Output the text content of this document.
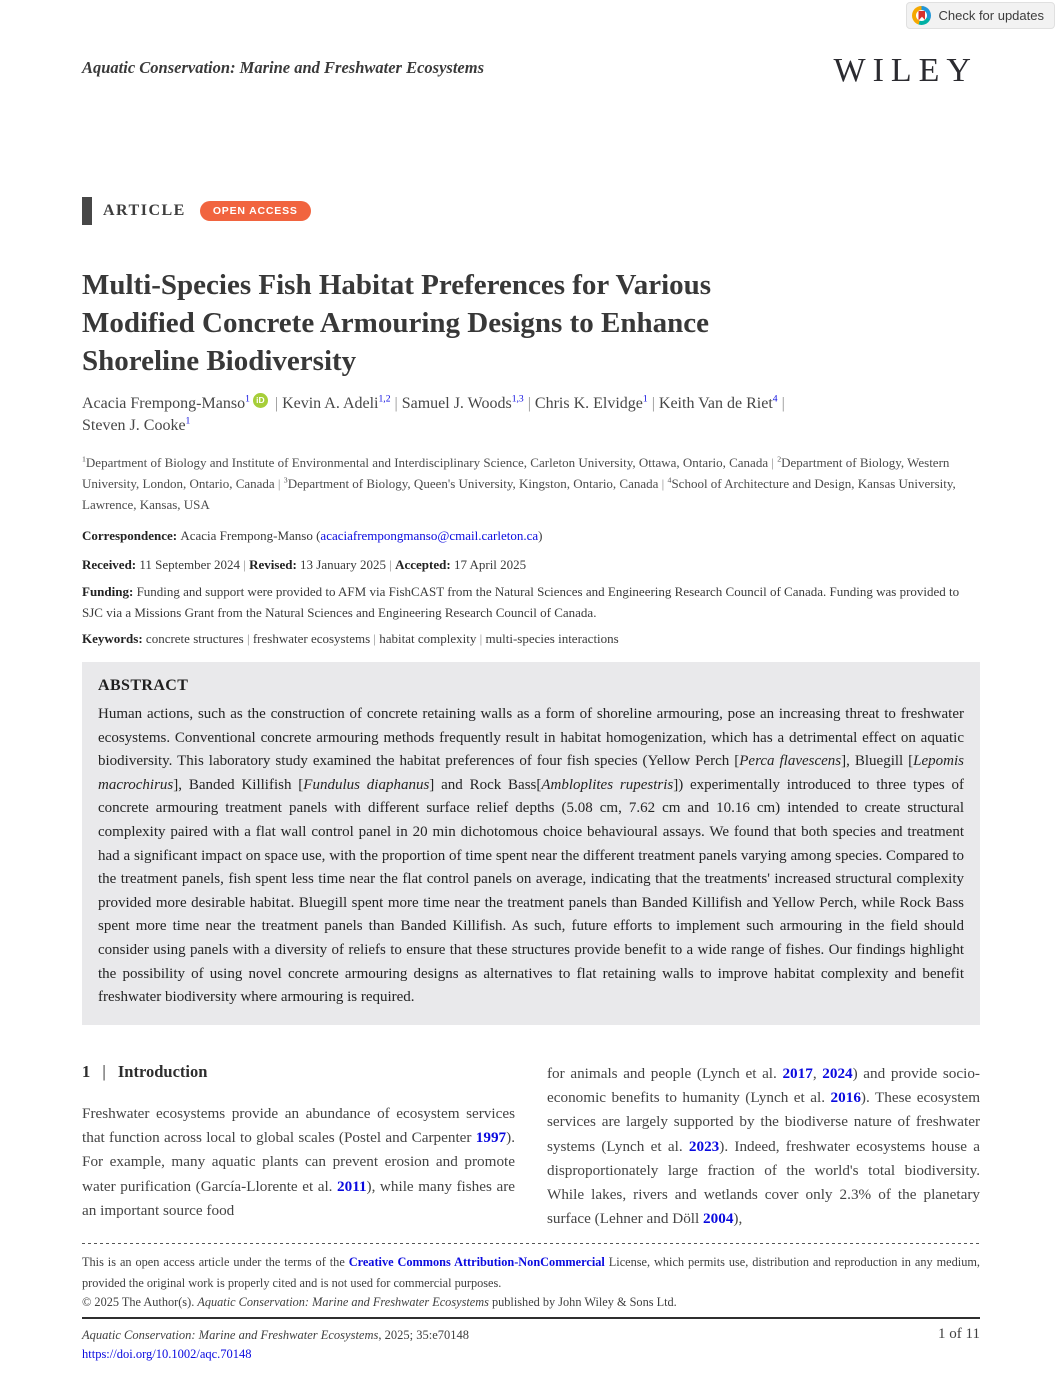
Check for updates
Aquatic Conservation: Marine and Freshwater Ecosystems	WILEY
ARTICLE	OPEN ACCESS
Multi-Species Fish Habitat Preferences for Various
Modified Concrete Armouring Designs to Enhance
Shoreline Biodiversity
Acacia Frempong-Manso$^1$ iD | Kevin A. Adeli$^{1,2}$ | Samuel J. Woods$^{1,3}$ | Chris K. Elvidge$^1$ | Keith Van de Riet$^4$ |
Steven J. Cooke$^1$
$^1$Department of Biology and Institute of Environmental and Interdisciplinary Science, Carleton University, Ottawa, Ontario, Canada | $^2$Department of Biology, Western University, London, Ontario, Canada | $^3$Department of Biology, Queen's University, Kingston, Ontario, Canada | $^4$School of Architecture and Design, Kansas University, Lawrence, Kansas, USA
Correspondence: Acacia Frempong-Manso (acaciafrempongmanso@cmail.carleton.ca)
Received: 11 September 2024 | Revised: 13 January 2025 | Accepted: 17 April 2025
Funding: Funding and support were provided to AFM via FishCAST from the Natural Sciences and Engineering Research Council of Canada. Funding was provided to SJC via a Missions Grant from the Natural Sciences and Engineering Research Council of Canada.
Keywords: concrete structures | freshwater ecosystems | habitat complexity | multi-species interactions
ABSTRACT
Human actions, such as the construction of concrete retaining walls as a form of shoreline armouring, pose an increasing threat to freshwater ecosystems. Conventional concrete armouring methods frequently result in habitat homogenization, which has a detrimental effect on aquatic biodiversity. This laboratory study examined the habitat preferences of four fish species (Yellow Perch [Perca flavescens], Bluegill [Lepomis macrochirus], Banded Killifish [Fundulus diaphanus] and Rock Bass[Ambloplites rupestris]) experimentally introduced to three types of concrete armouring treatment panels with different surface relief depths (5.08 cm, 7.62 cm and 10.16 cm) intended to create structural complexity paired with a flat wall control panel in 20 min dichotomous choice behavioural assays. We found that both species and treatment had a significant impact on space use, with the proportion of time spent near the different treatment panels varying among species. Compared to the treatment panels, fish spent less time near the flat control panels on average, indicating that the treatments' increased structural complexity provided more desirable habitat. Bluegill spent more time near the treatment panels than Banded Killifish and Yellow Perch, while Rock Bass spent more time near the treatment panels than Banded Killifish. As such, future efforts to implement such armouring in the field should consider using panels with a diversity of reliefs to ensure that these structures provide benefit to a wide range of fishes. Our findings highlight the possibility of using novel concrete armouring designs as alternatives to flat retaining walls to improve habitat complexity and benefit freshwater biodiversity where armouring is required.
1 | Introduction
Freshwater ecosystems provide an abundance of ecosystem services that function across local to global scales (Postel and Carpenter 1997). For example, many aquatic plants can prevent erosion and promote water purification (García-Llorente et al. 2011), while many fishes are an important source food
for animals and people (Lynch et al. 2017, 2024) and provide socio-economic benefits to humanity (Lynch et al. 2016). These ecosystem services are largely supported by the biodiverse nature of freshwater systems (Lynch et al. 2023). Indeed, freshwater ecosystems house a disproportionately large fraction of the world's total biodiversity. While lakes, rivers and wetlands cover only 2.3% of the planetary surface (Lehner and Döll 2004),
This is an open access article under the terms of the Creative Commons Attribution-NonCommercial License, which permits use, distribution and reproduction in any medium, provided the original work is properly cited and is not used for commercial purposes.
© 2025 The Author(s). Aquatic Conservation: Marine and Freshwater Ecosystems published by John Wiley & Sons Ltd.
Aquatic Conservation: Marine and Freshwater Ecosystems, 2025; 35:e70148
https://doi.org/10.1002/aqc.70148
1 of 11
